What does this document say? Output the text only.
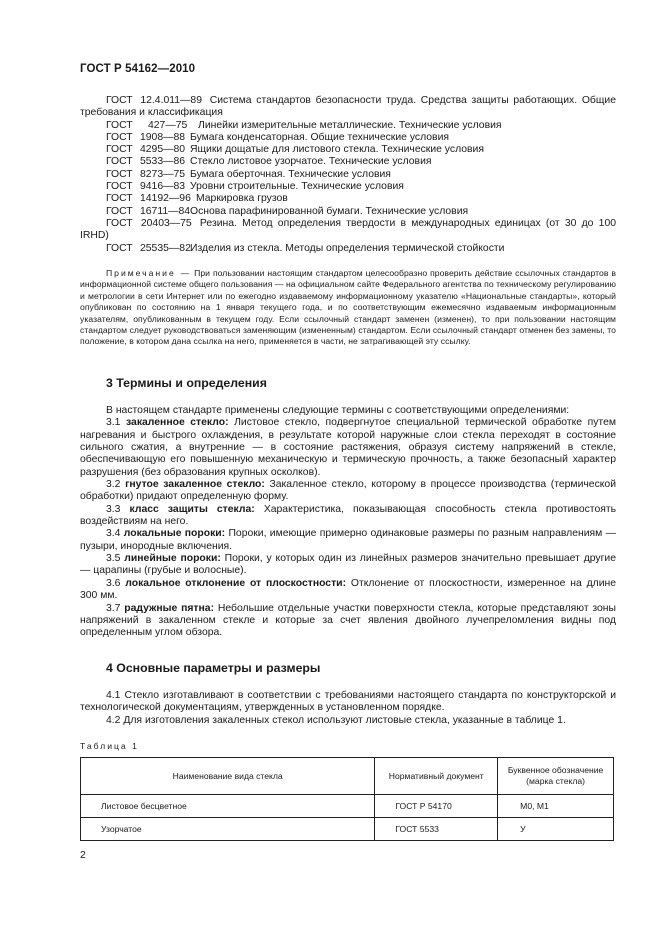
ГОСТ Р 54162—2010
ГОСТ 12.4.011—89 Система стандартов безопасности труда. Средства защиты работающих. Общие требования и классификация
ГОСТ	427—75	Линейки измерительные металлические. Технические условия
ГОСТ 1908—88 Бумага конденсаторная. Общие технические условия
ГОСТ 4295—80 Ящики дощатые для листового стекла. Технические условия
ГОСТ 5533—86 Стекло листовое узорчатое. Технические условия
ГОСТ 8273—75 Бумага оберточная. Технические условия
ГОСТ 9416—83 Уровни строительные. Технические условия
ГОСТ 14192—96 Маркировка грузов
ГОСТ 16711—84 Основа парафинированной бумаги. Технические условия
ГОСТ 20403—75 Резина. Метод определения твердости в международных единицах (от 30 до 100 IRHD)
ГОСТ 25535—82 Изделия из стекла. Методы определения термической стойкости
Примечание — При пользовании настоящим стандартом целесообразно проверить действие ссылочных стандартов в информационной системе общего пользования — на официальном сайте Федерального агентства по техническому регулированию и метрологии в сети Интернет или по ежегодно издаваемому информационному указателю «Национальные стандарты», который опубликован по состоянию на 1 января текущего года, и по соответствующим ежемесячно издаваемым информационным указателям, опубликованным в текущем году. Если ссылочный стандарт заменен (изменен), то при пользовании настоящим стандартом следует руководствоваться заменяющим (измененным) стандартом. Если ссылочный стандарт отменен без замены, то положение, в котором дана ссылка на него, применяется в части, не затрагивающей эту ссылку.
3 Термины и определения

В настоящем стандарте применены следующие термины с соответствующими определениями:

3.1 закаленное стекло: Листовое стекло, подвергнутое специальной термической обработке путем нагревания и быстрого охлаждения, в результате которой наружные слои стекла переходят в состояние сильного сжатия, а внутренние — в состояние растяжения, образуя систему напряжений в стекле, обеспечивающую его повышенную механическую и термическую прочность, а также безопасный характер разрушения (без образования крупных осколков).

3.2 гнутое закаленное стекло: Закаленное стекло, которому в процессе производства (термической обработки) придают определенную форму.

3.3 класс защиты стекла: Характеристика, показывающая способность стекла противостоять воздействиям на него.

3.4 локальные пороки: Пороки, имеющие примерно одинаковые размеры по разным направлениям — пузыри, инородные включения.

3.5 линейные пороки: Пороки, у которых один из линейных размеров значительно превышает другие — царапины (грубые и волосные).

3.6 локальное отклонение от плоскостности: Отклонение от плоскостности, измеренное на длине 300 мм.

3.7 радужные пятна: Небольшие отдельные участки поверхности стекла, которые представляют зоны напряжений в закаленном стекле и которые за счет явления двойного лучепреломления видны под определенным углом обзора.

4 Основные параметры и размеры

4.1 Стекло изготавливают в соответствии с требованиями настоящего стандарта по конструкторской и технологической документациям, утвержденных в установленном порядке.

4.2 Для изготовления закаленных стекол используют листовые стекла, указанные в таблице 1.

Таблица 1
Наименование вида стекла	Нормативный документ	Буквенное обозначение (марка стекла)
Листовое бесцветное	ГОСТ Р 54170	М0, М1
Узорчатое	ГОСТ 5533	У
2
